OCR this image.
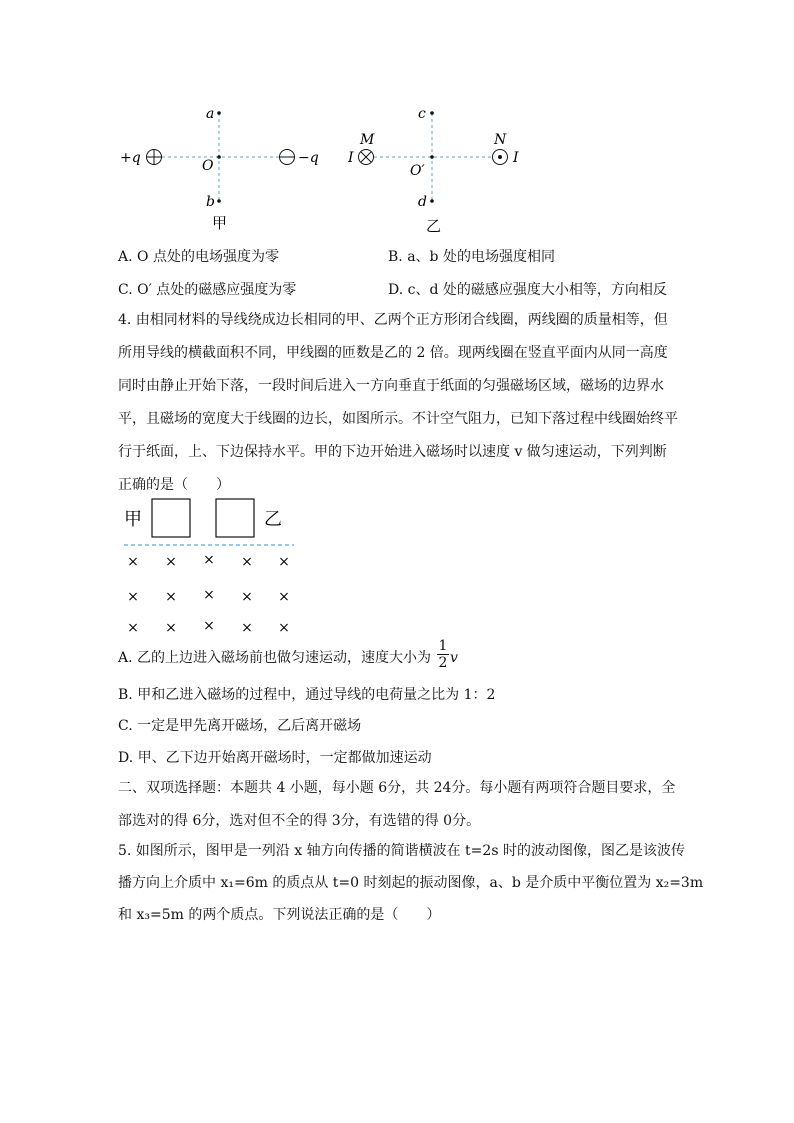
+q	−q
a
O
b
甲
c
d
M	N
I	I
O′
乙
A. O 点处的电场强度为零	B. a、b 处的电场强度相同
C. O′ 点处的磁感应强度为零	D. c、d 处的磁感应强度大小相等，方向相反
4. 由相同材料的导线绕成边长相同的甲、乙两个正方形闭合线圈，两线圈的质量相等，但所用导线的横截面积不同，甲线圈的匝数是乙的 2 倍。现两线圈在竖直平面内从同一高度同时由静止开始下落，一段时间后进入一方向垂直于纸面的匀强磁场区域，磁场的边界水平，且磁场的宽度大于线圈的边长，如图所示。不计空气阻力，已知下落过程中线圈始终平行于纸面，上、下边保持水平。甲的下边开始进入磁场时以速度 v 做匀速运动，下列判断正确的是（　　）
甲	乙
× × × × ×
× × × × ×
× × × × ×
A. 乙的上边进入磁场前也做匀速运动，速度大小为 $\frac{1}{2}$ v
B. 甲和乙进入磁场的过程中，通过导线的电荷量之比为 1：2
C. 一定是甲先离开磁场，乙后离开磁场
D. 甲、乙下边开始离开磁场时，一定都做加速运动
二、双项选择题：本题共 4 小题，每小题 6分，共 24分。每小题有两项符合题目要求，全部选对的得 6分，选对但不全的得 3分，有选错的得 0分。
5. 如图所示，图甲是一列沿 x 轴方向传播的简谐横波在 t=2s 时的波动图像，图乙是该波传
播方向上介质中 x₁=6m 的质点从 t=0 时刻起的振动图像，a、b 是介质中平衡位置为 x₂=3m
和 x₃=5m 的两个质点。下列说法正确的是（　　）
